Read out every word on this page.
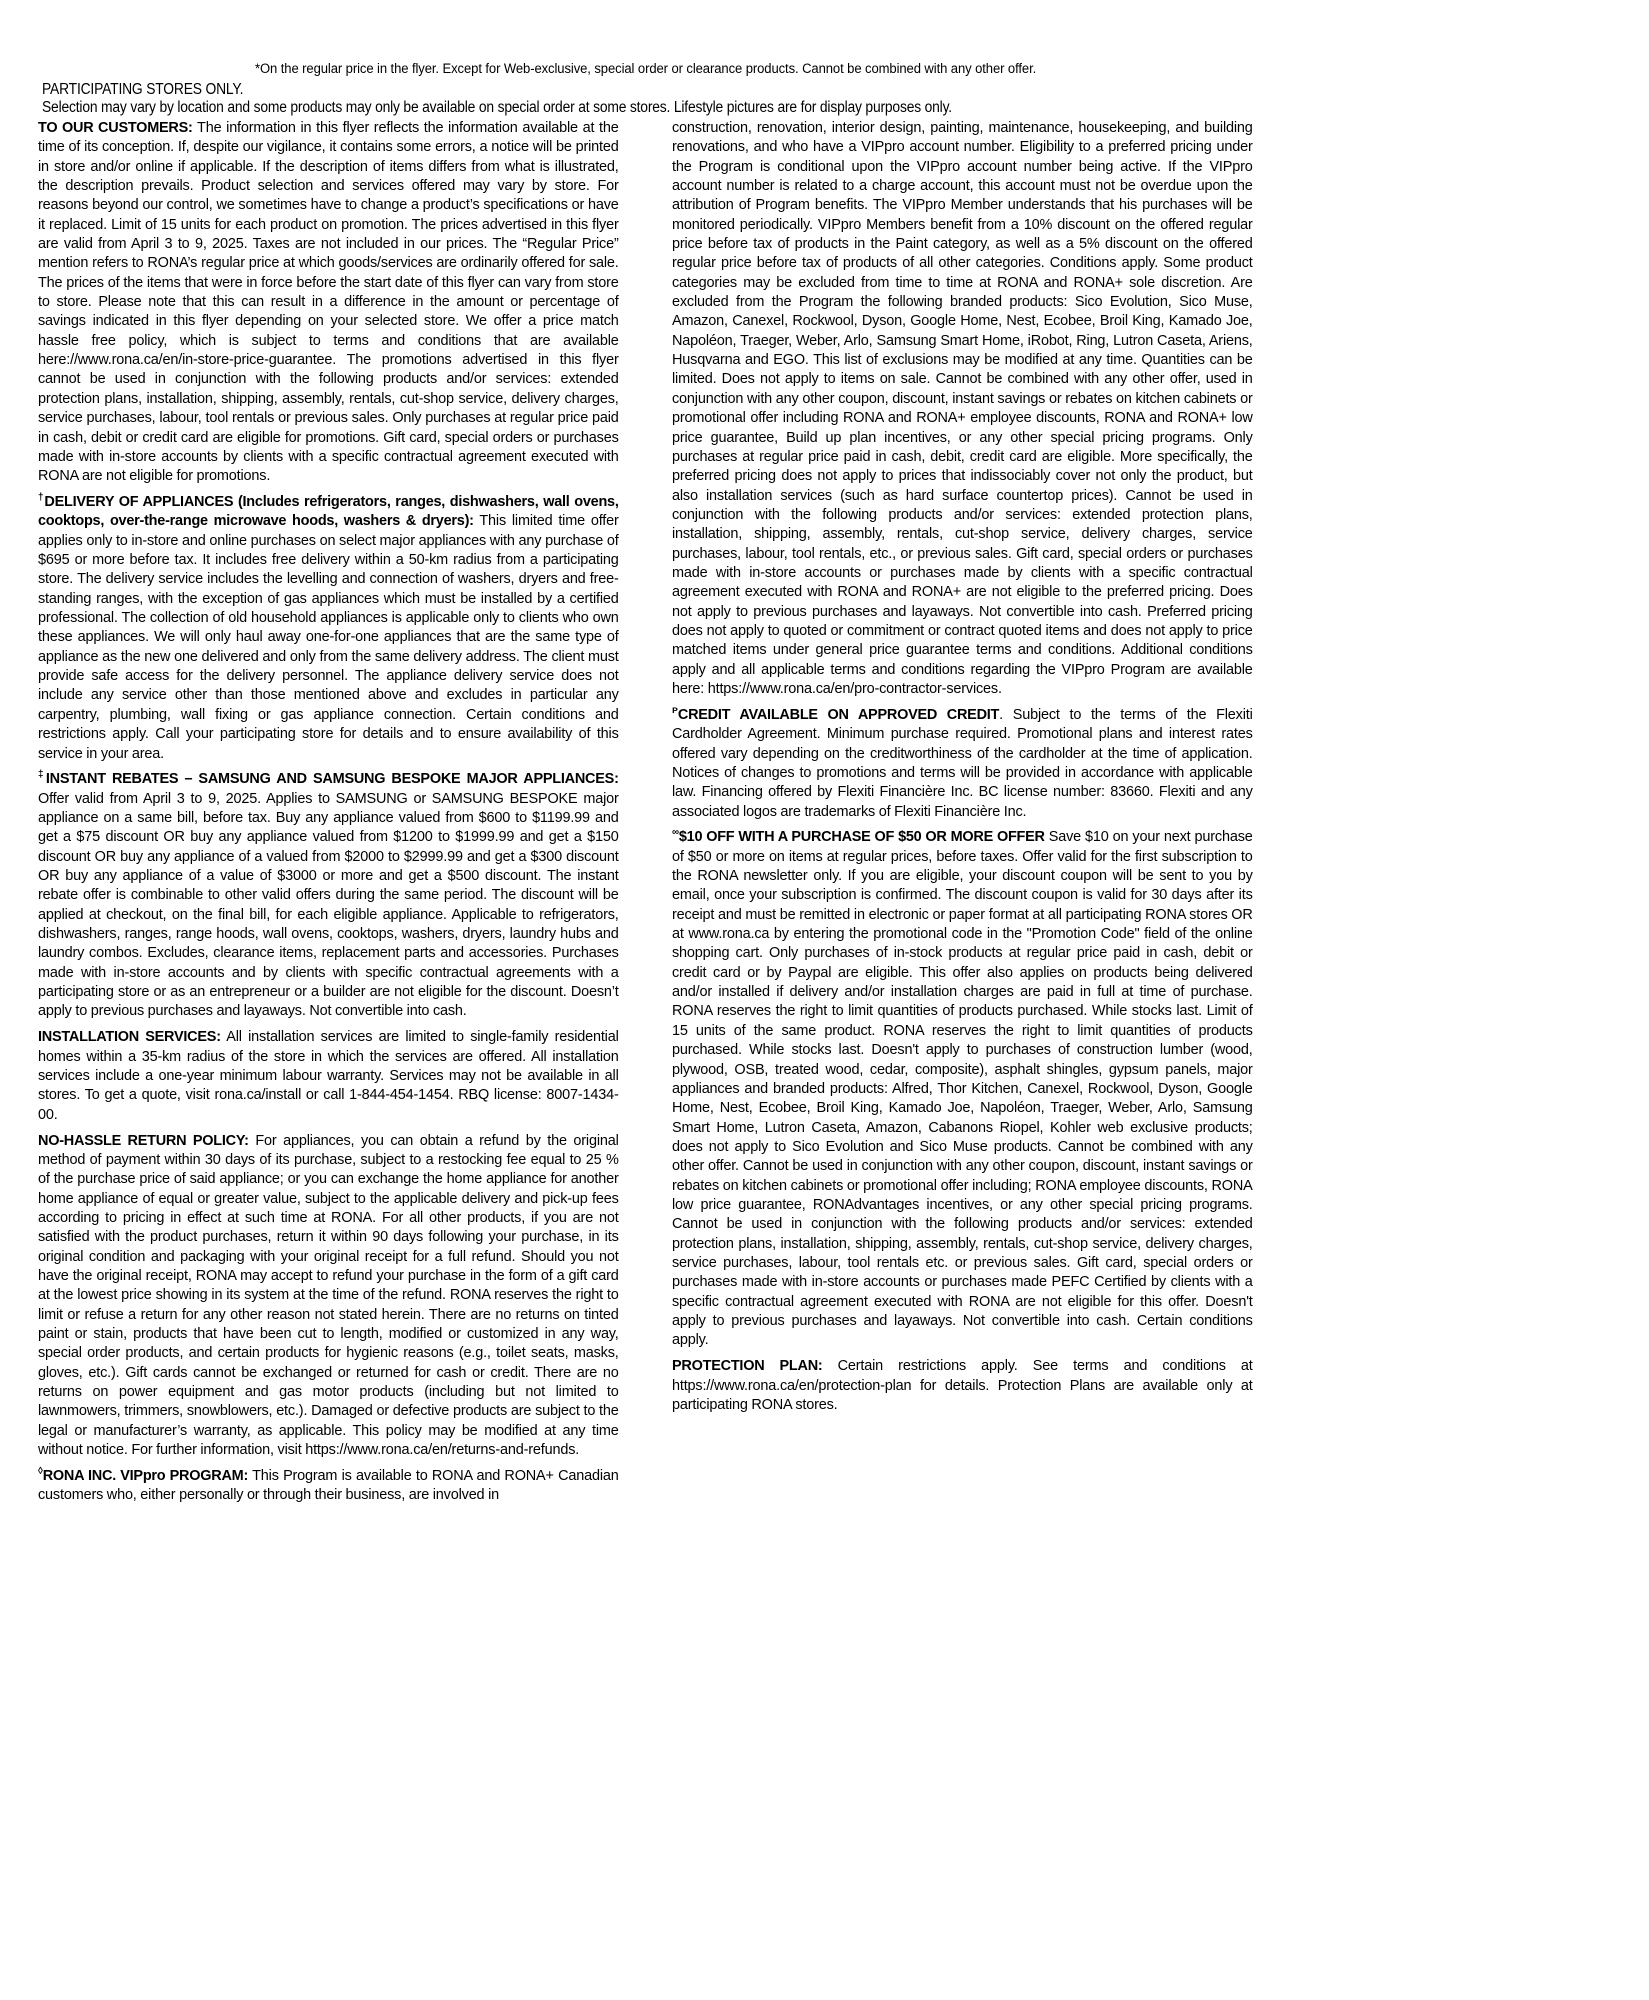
*On the regular price in the flyer. Except for Web-exclusive, special order or clearance products. Cannot be combined with any other offer.
PARTICIPATING STORES ONLY.
Selection may vary by location and some products may only be available on special order at some stores. Lifestyle pictures are for display purposes only.

TO OUR CUSTOMERS: The information in this flyer reflects the information available at the time of its conception. If, despite our vigilance, it contains some errors, a notice will be printed in store and/or online if applicable. If the description of items differs from what is illustrated, the description prevails. Product selection and services offered may vary by store. For reasons beyond our control, we sometimes have to change a product’s specifications or have it replaced. Limit of 15 units for each product on promotion. The prices advertised in this flyer are valid from April 3 to 9, 2025. Taxes are not included in our prices. The “Regular Price” mention refers to RONA’s regular price at which goods/services are ordinarily offered for sale. The prices of the items that were in force before the start date of this flyer can vary from store to store. Please note that this can result in a difference in the amount or percentage of savings indicated in this flyer depending on your selected store. We offer a price match hassle free policy, which is subject to terms and conditions that are available here://www.rona.ca/en/in-store-price-guarantee. The promotions advertised in this flyer cannot be used in conjunction with the following products and/or services: extended protection plans, installation, shipping, assembly, rentals, cut-shop service, delivery charges, service purchases, labour, tool rentals or previous sales. Only purchases at regular price paid in cash, debit or credit card are eligible for promotions. Gift card, special orders or purchases made with in-store accounts by clients with a specific contractual agreement executed with RONA are not eligible for promotions.

†DELIVERY OF APPLIANCES (Includes refrigerators, ranges, dishwashers, wall ovens, cooktops, over-the-range microwave hoods, washers & dryers): This limited time offer applies only to in-store and online purchases on select major appliances with any purchase of $695 or more before tax. It includes free delivery within a 50-km radius from a participating store. The delivery service includes the levelling and connection of washers, dryers and free- standing ranges, with the exception of gas appliances which must be installed by a certified professional. The collection of old household appliances is applicable only to clients who own these appliances. We will only haul away one-for-one appliances that are the same type of appliance as the new one delivered and only from the same delivery address. The client must provide safe access for the delivery personnel. The appliance delivery service does not include any service other than those mentioned above and excludes in particular any carpentry, plumbing, wall fixing or gas appliance connection. Certain conditions and restrictions apply. Call your participating store for details and to ensure availability of this service in your area.

‡INSTANT REBATES – SAMSUNG AND SAMSUNG BESPOKE MAJOR APPLIANCES: Offer valid from April 3 to 9, 2025. Applies to SAMSUNG or SAMSUNG BESPOKE major appliance on a same bill, before tax. Buy any appliance valued from $600 to $1199.99 and get a $75 discount OR buy any appliance valued from $1200 to $1999.99 and get a $150 discount OR buy any appliance of a valued from $2000 to $2999.99 and get a $300 discount OR buy any appliance of a value of $3000 or more and get a $500 discount. The instant rebate offer is combinable to other valid offers during the same period. The discount will be applied at checkout, on the final bill, for each eligible appliance. Applicable to refrigerators, dishwashers, ranges, range hoods, wall ovens, cooktops, washers, dryers, laundry hubs and laundry combos. Excludes, clearance items, replacement parts and accessories. Purchases made with in-store accounts and by clients with specific contractual agreements with a participating store or as an entrepreneur or a builder are not eligible for the discount. Doesn’t apply to previous purchases and layaways. Not convertible into cash.

INSTALLATION SERVICES: All installation services are limited to single-family residential homes within a 35-km radius of the store in which the services are offered. All installation services include a one-year minimum labour warranty. Services may not be available in all stores. To get a quote, visit rona.ca/install or call 1-844-454-1454. RBQ license: 8007-1434-00.

NO-HASSLE RETURN POLICY: For appliances, you can obtain a refund by the original method of payment within 30 days of its purchase, subject to a restocking fee equal to 25 % of the purchase price of said appliance; or you can exchange the home appliance for another home appliance of equal or greater value, subject to the applicable delivery and pick-up fees according to pricing in effect at such time at RONA. For all other products, if you are not satisfied with the product purchases, return it within 90 days following your purchase, in its original condition and packaging with your original receipt for a full refund. Should you not have the original receipt, RONA may accept to refund your purchase in the form of a gift card at the lowest price showing in its system at the time of the refund. RONA reserves the right to limit or refuse a return for any other reason not stated herein. There are no returns on tinted paint or stain, products that have been cut to length, modified or customized in any way, special order products, and certain products for hygienic reasons (e.g., toilet seats, masks, gloves, etc.). Gift cards cannot be exchanged or returned for cash or credit. There are no returns on power equipment and gas motor products (including but not limited to lawnmowers, trimmers, snowblowers, etc.). Damaged or defective products are subject to the legal or manufacturer’s warranty, as applicable. This policy may be modified at any time without notice. For further information, visit https://www.rona.ca/en/returns-and-refunds.

◊RONA INC. VIPpro PROGRAM: This Program is available to RONA and RONA+ Canadian customers who, either personally or through their business, are involved in

construction, renovation, interior design, painting, maintenance, housekeeping, and building renovations, and who have a VIPpro account number. Eligibility to a preferred pricing under the Program is conditional upon the VIPpro account number being active. If the VIPpro account number is related to a charge account, this account must not be overdue upon the attribution of Program benefits. The VIPpro Member understands that his purchases will be monitored periodically. VIPpro Members benefit from a 10% discount on the offered regular price before tax of products in the Paint category, as well as a 5% discount on the offered regular price before tax of products of all other categories. Conditions apply. Some product categories may be excluded from time to time at RONA and RONA+ sole discretion. Are excluded from the Program the following branded products: Sico Evolution, Sico Muse, Amazon, Canexel, Rockwool, Dyson, Google Home, Nest, Ecobee, Broil King, Kamado Joe, Napoléon, Traeger, Weber, Arlo, Samsung Smart Home, iRobot, Ring, Lutron Caseta, Ariens, Husqvarna and EGO. This list of exclusions may be modified at any time. Quantities can be limited. Does not apply to items on sale. Cannot be combined with any other offer, used in conjunction with any other coupon, discount, instant savings or rebates on kitchen cabinets or promotional offer including RONA and RONA+ employee discounts, RONA and RONA+ low price guarantee, Build up plan incentives, or any other special pricing programs. Only purchases at regular price paid in cash, debit, credit card are eligible. More specifically, the preferred pricing does not apply to prices that indissociably cover not only the product, but also installation services (such as hard surface countertop prices). Cannot be used in conjunction with the following products and/or services: extended protection plans, installation, shipping, assembly, rentals, cut-shop service, delivery charges, service purchases, labour, tool rentals, etc., or previous sales. Gift card, special orders or purchases made with in-store accounts or purchases made by clients with a specific contractual agreement executed with RONA and RONA+ are not eligible to the preferred pricing. Does not apply to previous purchases and layaways. Not convertible into cash. Preferred pricing does not apply to quoted or commitment or contract quoted items and does not apply to price matched items under general price guarantee terms and conditions. Additional conditions apply and all applicable terms and conditions regarding the VIPpro Program are available here: https://www.rona.ca/en/pro-contractor-services.

$^ᴘ$CREDIT AVAILABLE ON APPROVED CREDIT. Subject to the terms of the Flexiti Cardholder Agreement. Minimum purchase required. Promotional plans and interest rates offered vary depending on the creditworthiness of the cardholder at the time of application. Notices of changes to promotions and terms will be provided in accordance with applicable law. Financing offered by Flexiti Financière Inc. BC license number: 83660. Flexiti and any associated logos are trademarks of Flexiti Financière Inc.

∞$10 OFF WITH A PURCHASE OF $50 OR MORE OFFER Save $10 on your next purchase of $50 or more on items at regular prices, before taxes. Offer valid for the first subscription to the RONA newsletter only. If you are eligible, your discount coupon will be sent to you by email, once your subscription is confirmed. The discount coupon is valid for 30 days after its receipt and must be remitted in electronic or paper format at all participating RONA stores OR at www.rona.ca by entering the promotional code in the "Promotion Code" field of the online shopping cart. Only purchases of in-stock products at regular price paid in cash, debit or credit card or by Paypal are eligible. This offer also applies on products being delivered and/or installed if delivery and/or installation charges are paid in full at time of purchase. RONA reserves the right to limit quantities of products purchased. While stocks last. Limit of 15 units of the same product. RONA reserves the right to limit quantities of products purchased. While stocks last. Doesn't apply to purchases of construction lumber (wood, plywood, OSB, treated wood, cedar, composite), asphalt shingles, gypsum panels, major appliances and branded products: Alfred, Thor Kitchen, Canexel, Rockwool, Dyson, Google Home, Nest, Ecobee, Broil King, Kamado Joe, Napoléon, Traeger, Weber, Arlo, Samsung Smart Home, Lutron Caseta, Amazon, Cabanons Riopel, Kohler web exclusive products; does not apply to Sico Evolution and Sico Muse products. Cannot be combined with any other offer. Cannot be used in conjunction with any other coupon, discount, instant savings or rebates on kitchen cabinets or promotional offer including; RONA employee discounts, RONA low price guarantee, RONAdvantages incentives, or any other special pricing programs. Cannot be used in conjunction with the following products and/or services: extended protection plans, installation, shipping, assembly, rentals, cut-shop service, delivery charges, service purchases, labour, tool rentals etc. or previous sales. Gift card, special orders or purchases made with in-store accounts or purchases made PEFC Certified by clients with a specific contractual agreement executed with RONA are not eligible for this offer. Doesn't apply to previous purchases and layaways. Not convertible into cash. Certain conditions apply.

PROTECTION PLAN: Certain restrictions apply. See terms and conditions at https://www.rona.ca/en/protection-plan for details. Protection Plans are available only at participating RONA stores.
